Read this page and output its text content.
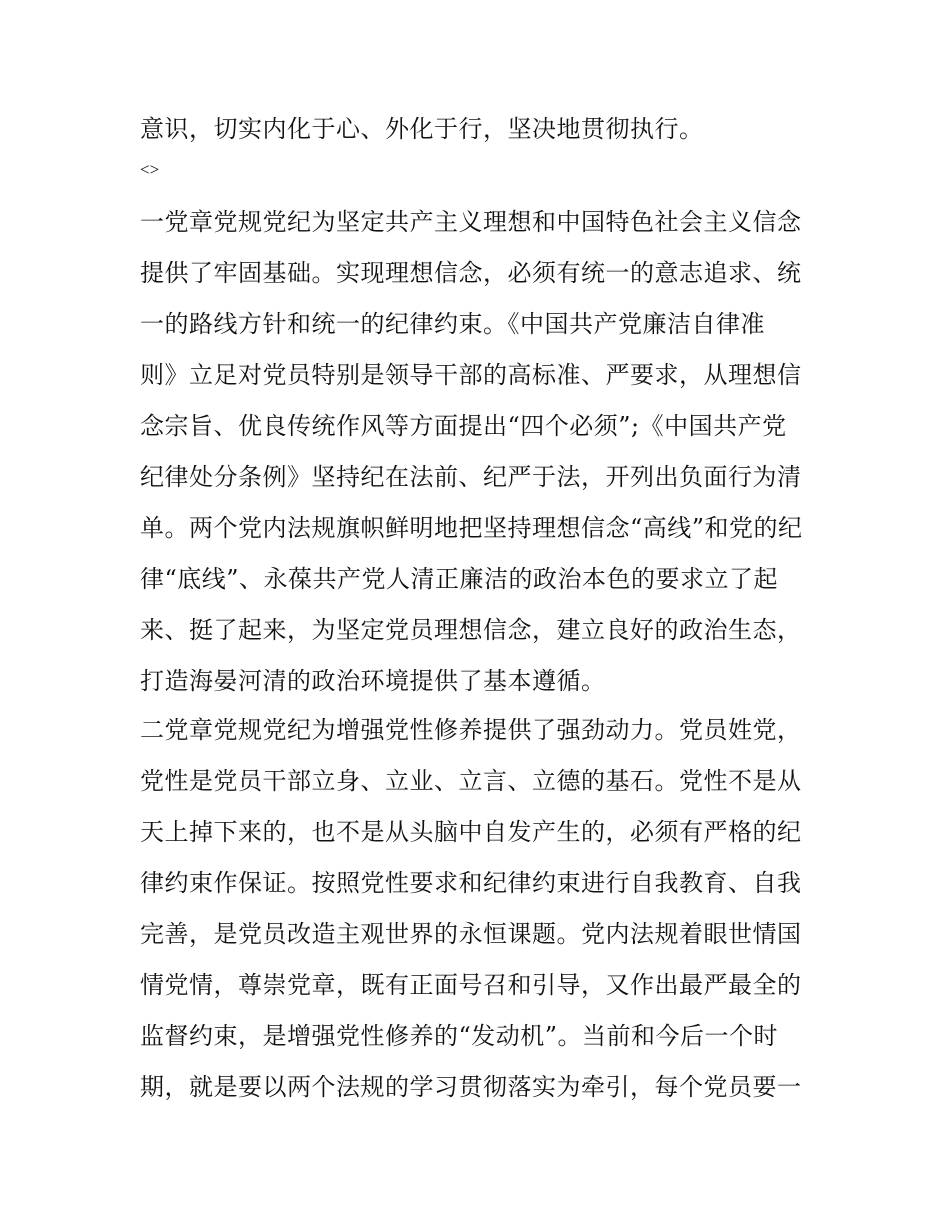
意识，切实内化于心、外化于行，坚决地贯彻执行。

<>

一党章党规党纪为坚定共产主义理想和中国特色社会主义信念

提供了牢固基础。实现理想信念，必须有统一的意志追求、统

一的路线方针和统一的纪律约束。《中国共产党廉洁自律准

则》立足对党员特别是领导干部的高标准、严要求，从理想信

念宗旨、优良传统作风等方面提出“四个必须”;《中国共产党

纪律处分条例》坚持纪在法前、纪严于法，开列出负面行为清

单。两个党内法规旗帜鲜明地把坚持理想信念“高线”和党的纪

律“底线”、永葆共产党人清正廉洁的政治本色的要求立了起

来、挺了起来，为坚定党员理想信念，建立良好的政治生态，

打造海晏河清的政治环境提供了基本遵循。

二党章党规党纪为增强党性修养提供了强劲动力。党员姓党，

党性是党员干部立身、立业、立言、立德的基石。党性不是从

天上掉下来的，也不是从头脑中自发产生的，必须有严格的纪

律约束作保证。按照党性要求和纪律约束进行自我教育、自我

完善，是党员改造主观世界的永恒课题。党内法规着眼世情国

情党情，尊崇党章，既有正面号召和引导，又作出最严最全的

监督约束，是增强党性修养的“发动机”。当前和今后一个时

期，就是要以两个法规的学习贯彻落实为牵引，每个党员要一
